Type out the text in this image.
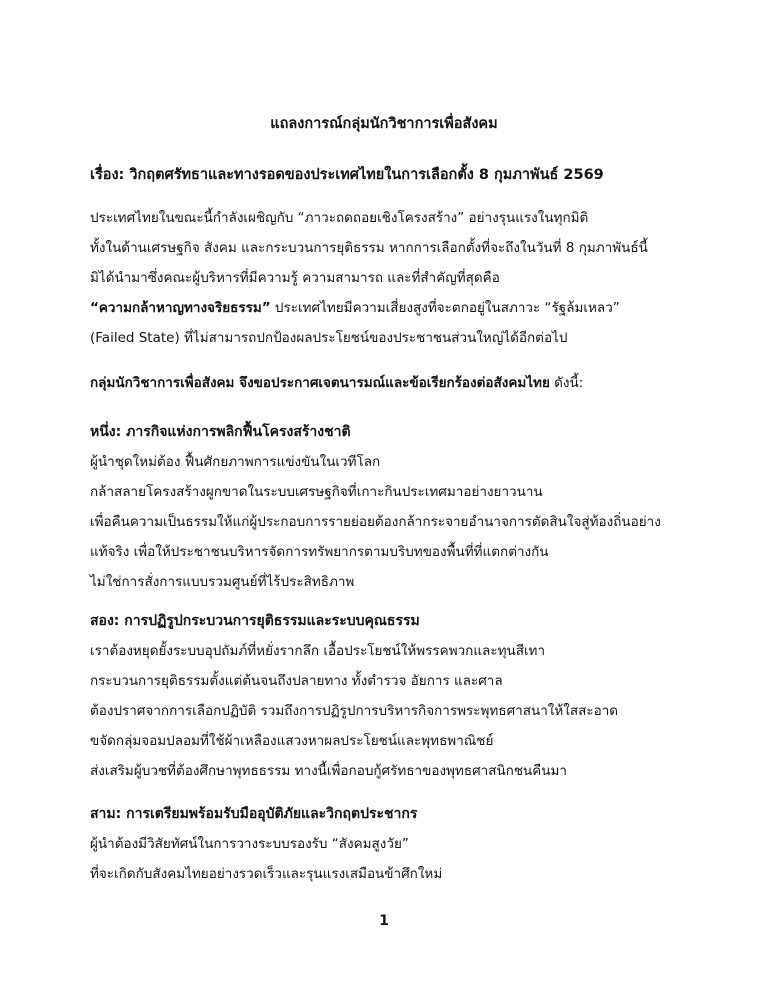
แถลงการณ์กลุ่มนักวิชาการเพื่อสังคม
เรื่อง: วิกฤตศรัทธาและทางรอดของประเทศไทยในการเลือกตั้ง 8 กุมภาพันธ์ 2569
ประเทศไทยในขณะนี้กำลังเผชิญกับ “ภาวะถดถอยเชิงโครงสร้าง” อย่างรุนแรงในทุกมิติ
ทั้งในด้านเศรษฐกิจ สังคม และกระบวนการยุติธรรม หากการเลือกตั้งที่จะถึงในวันที่ 8 กุมภาพันธ์นี้
มิได้นำมาซึ่งคณะผู้บริหารที่มีความรู้ ความสามารถ และที่สำคัญที่สุดคือ
“ความกล้าหาญทางจริยธรรม” ประเทศไทยมีความเสี่ยงสูงที่จะตกอยู่ในสภาวะ “รัฐล้มเหลว”
(Failed State) ที่ไม่สามารถปกป้องผลประโยชน์ของประชาชนส่วนใหญ่ได้อีกต่อไป
กลุ่มนักวิชาการเพื่อสังคม จึงขอประกาศเจตนารมณ์และข้อเรียกร้องต่อสังคมไทย ดังนี้:
หนึ่ง: ภารกิจแห่งการพลิกฟื้นโครงสร้างชาติ
ผู้นำชุดใหม่ต้อง ฟื้นศักยภาพการแข่งขันในเวทีโลก
กล้าสลายโครงสร้างผูกขาดในระบบเศรษฐกิจที่เกาะกินประเทศมาอย่างยาวนาน
เพื่อคืนความเป็นธรรมให้แก่ผู้ประกอบการรายย่อยต้องกล้ากระจายอำนาจการตัดสินใจสู่ท้องถิ่นอย่าง
แท้จริง เพื่อให้ประชาชนบริหารจัดการทรัพยากรตามบริบทของพื้นที่ที่แตกต่างกัน
ไม่ใช่การสั่งการแบบรวมศูนย์ที่ไร้ประสิทธิภาพ
สอง: การปฏิรูปกระบวนการยุติธรรมและระบบคุณธรรม
เราต้องหยุดยั้งระบบอุปถัมภ์ที่หยั่งรากลึก เอื้อประโยชน์ให้พรรคพวกและทุนสีเทา
กระบวนการยุติธรรมตั้งแต่ต้นจนถึงปลายทาง ทั้งตำรวจ อัยการ และศาล
ต้องปราศจากการเลือกปฏิบัติ รวมถึงการปฏิรูปการบริหารกิจการพระพุทธศาสนาให้ใสสะอาด
ขจัดกลุ่มจอมปลอมที่ใช้ผ้าเหลืองแสวงหาผลประโยชน์และพุทธพาณิชย์
ส่งเสริมผู้บวชที่ต้องศึกษาพุทธธรรม ทางนี้เพื่อกอบกู้ศรัทธาของพุทธศาสนิกชนคืนมา
สาม: การเตรียมพร้อมรับมืออุบัติภัยและวิกฤตประชากร
ผู้นำต้องมีวิสัยทัศน์ในการวางระบบรองรับ “สังคมสูงวัย”
ที่จะเกิดกับสังคมไทยอย่างรวดเร็วและรุนแรงเสมือนข้าศึกใหม่
1
